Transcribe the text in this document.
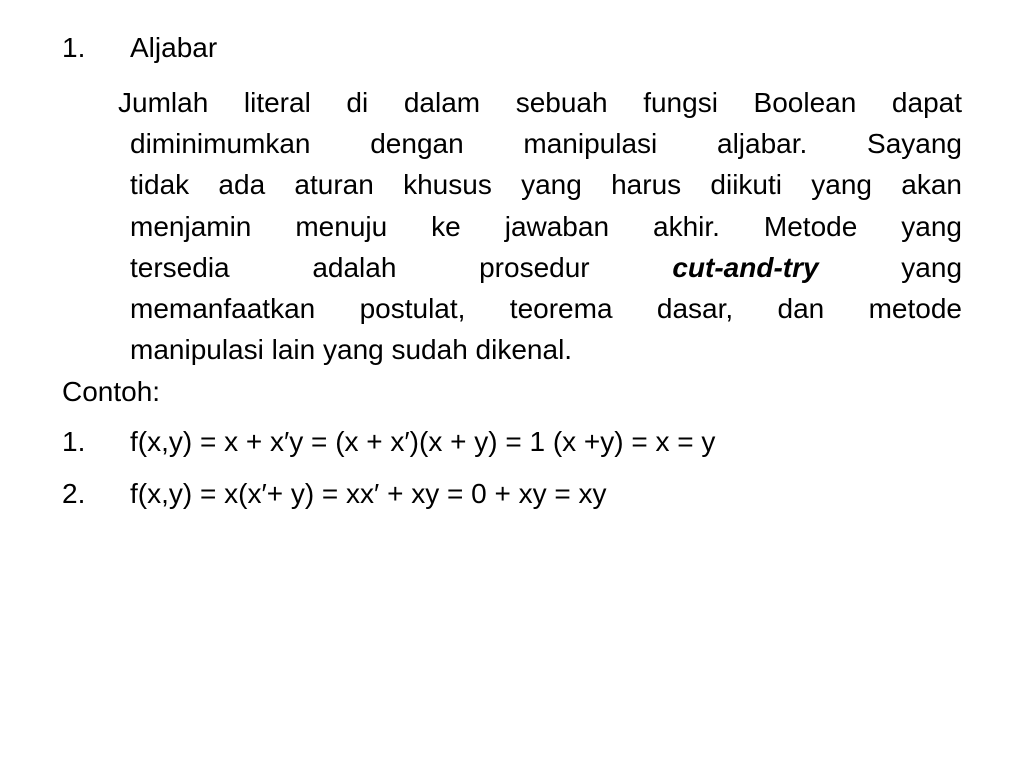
1. Aljabar
Jumlah literal di dalam sebuah fungsi Boolean dapat
diminimumkan dengan manipulasi aljabar. Sayang
tidak ada aturan khusus yang harus diikuti yang akan
menjamin menuju ke jawaban akhir. Metode yang
tersedia adalah prosedur	cut-and-try	yang
memanfaatkan postulat, teorema dasar, dan metode
manipulasi lain yang sudah dikenal.
Contoh:
1. f(x,y) = x + x′y = (x + x′)(x + y) = 1 (x +y) = x = y
2. f(x,y) = x(x′+ y) = xx′ + xy = 0 + xy = xy
